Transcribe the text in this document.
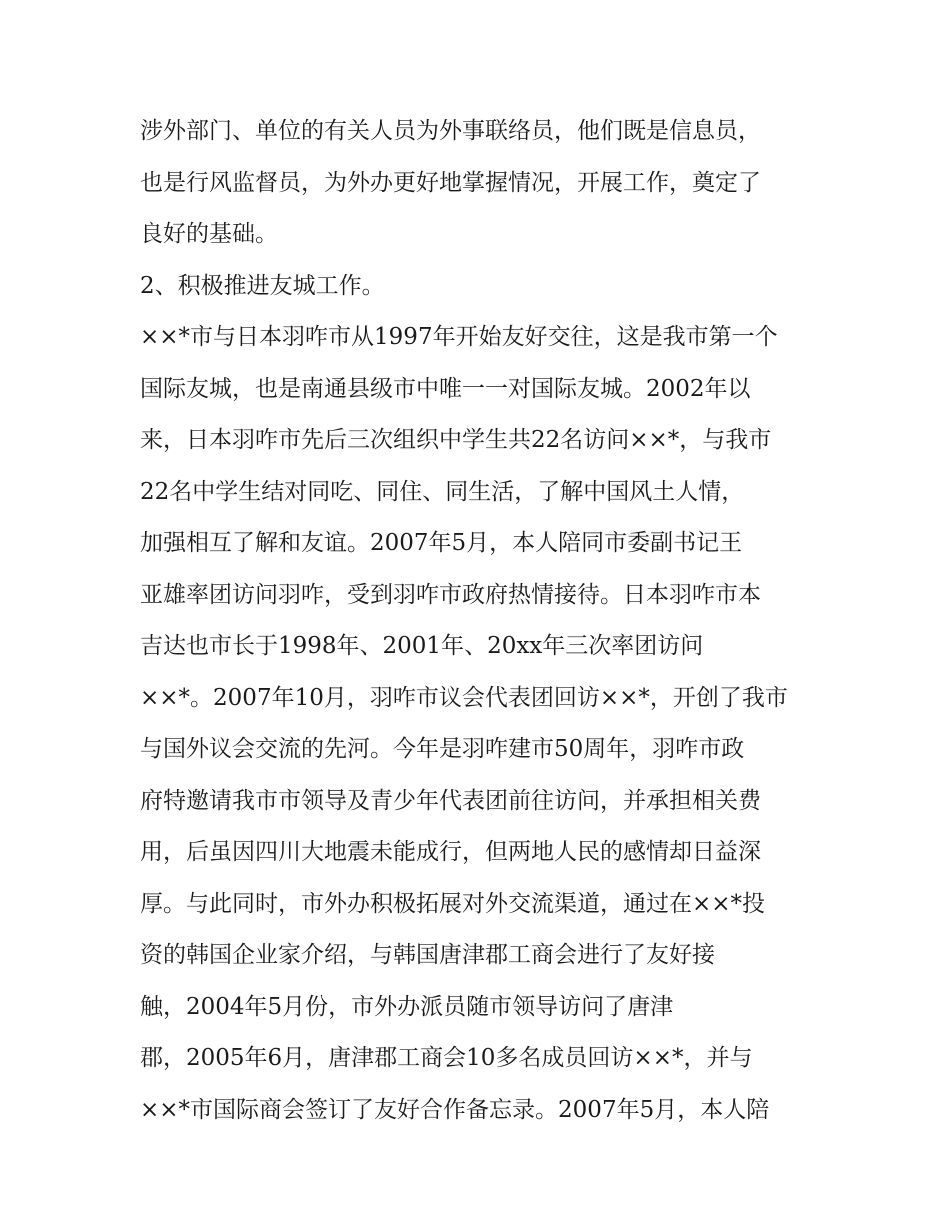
涉外部门、单位的有关人员为外事联络员，他们既是信息员，
也是行风监督员，为外办更好地掌握情况，开展工作，奠定了
良好的基础。
2、积极推进友城工作。
××*市与日本羽咋市从1997年开始友好交往，这是我市第一个
国际友城，也是南通县级市中唯一一对国际友城。2002年以
来，日本羽咋市先后三次组织中学生共22名访问××*，与我市
22名中学生结对同吃、同住、同生活，了解中国风土人情，
加强相互了解和友谊。2007年5月，本人陪同市委副书记王
亚雄率团访问羽咋，受到羽咋市政府热情接待。日本羽咋市本
吉达也市长于1998年、2001年、20xx年三次率团访问
××*。2007年10月，羽咋市议会代表团回访××*，开创了我市
与国外议会交流的先河。今年是羽咋建市50周年，羽咋市政
府特邀请我市市领导及青少年代表团前往访问，并承担相关费
用，后虽因四川大地震未能成行，但两地人民的感情却日益深
厚。与此同时，市外办积极拓展对外交流渠道，通过在××*投
资的韩国企业家介绍，与韩国唐津郡工商会进行了友好接
触，2004年5月份，市外办派员随市领导访问了唐津
郡，2005年6月，唐津郡工商会10多名成员回访××*，并与
××*市国际商会签订了友好合作备忘录。2007年5月，本人陪
